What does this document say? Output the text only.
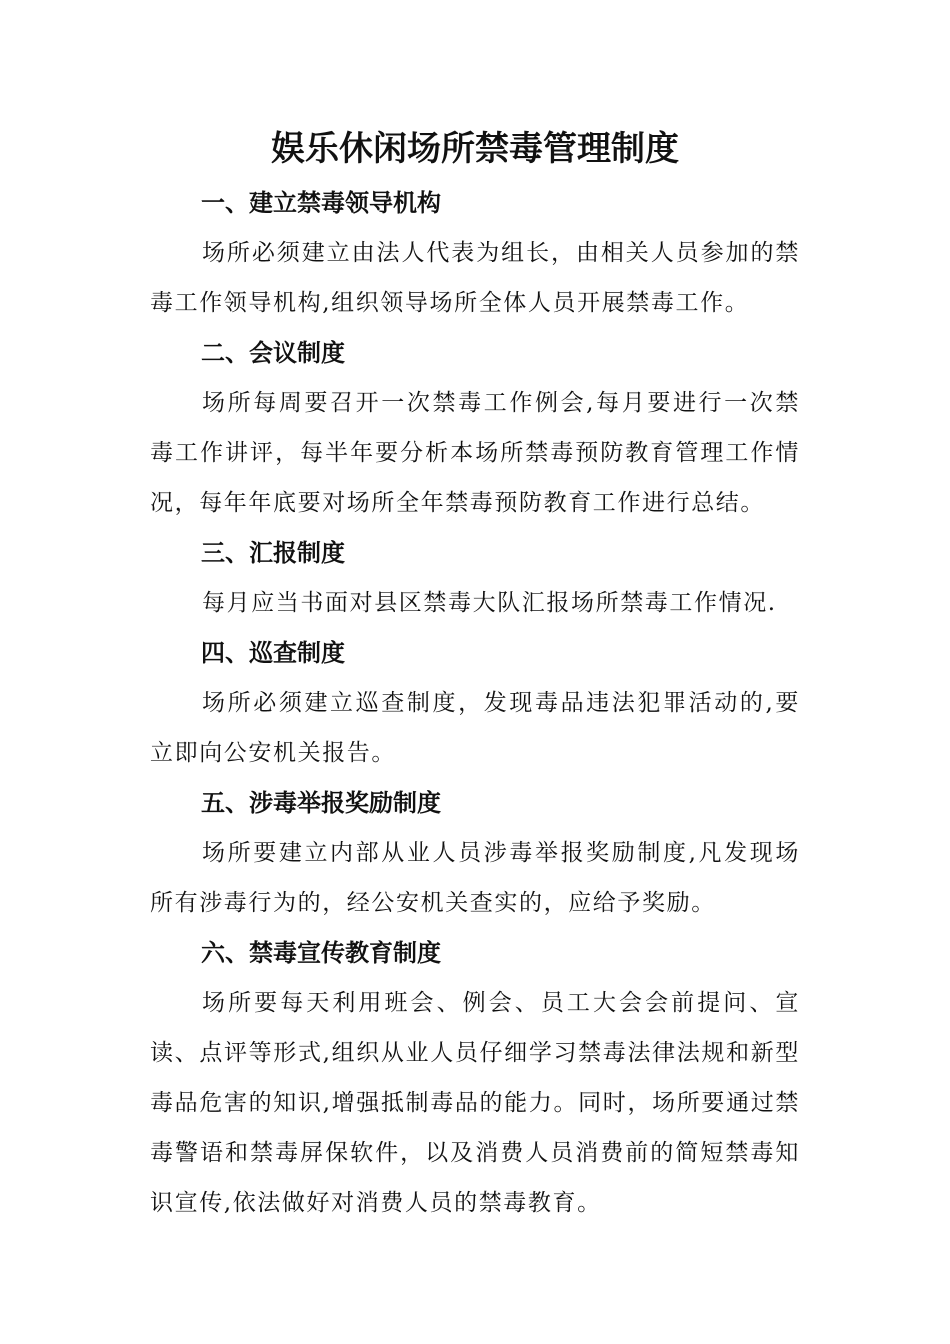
娱乐休闲场所禁毒管理制度
一、建立禁毒领导机构

场所必须建立由法人代表为组长，由相关人员参加的禁毒工作领导机构,组织领导场所全体人员开展禁毒工作。

二、会议制度

场所每周要召开一次禁毒工作例会,每月要进行一次禁毒工作讲评，每半年要分析本场所禁毒预防教育管理工作情况，每年年底要对场所全年禁毒预防教育工作进行总结。

三、汇报制度

每月应当书面对县区禁毒大队汇报场所禁毒工作情况.

四、巡查制度

场所必须建立巡查制度，发现毒品违法犯罪活动的,要立即向公安机关报告。

五、涉毒举报奖励制度

场所要建立内部从业人员涉毒举报奖励制度,凡发现场所有涉毒行为的，经公安机关查实的，应给予奖励。

六、禁毒宣传教育制度

场所要每天利用班会、例会、员工大会会前提问、宣读、点评等形式,组织从业人员仔细学习禁毒法律法规和新型毒品危害的知识,增强抵制毒品的能力。同时，场所要通过禁毒警语和禁毒屏保软件，以及消费人员消费前的简短禁毒知识宣传,依法做好对消费人员的禁毒教育。
